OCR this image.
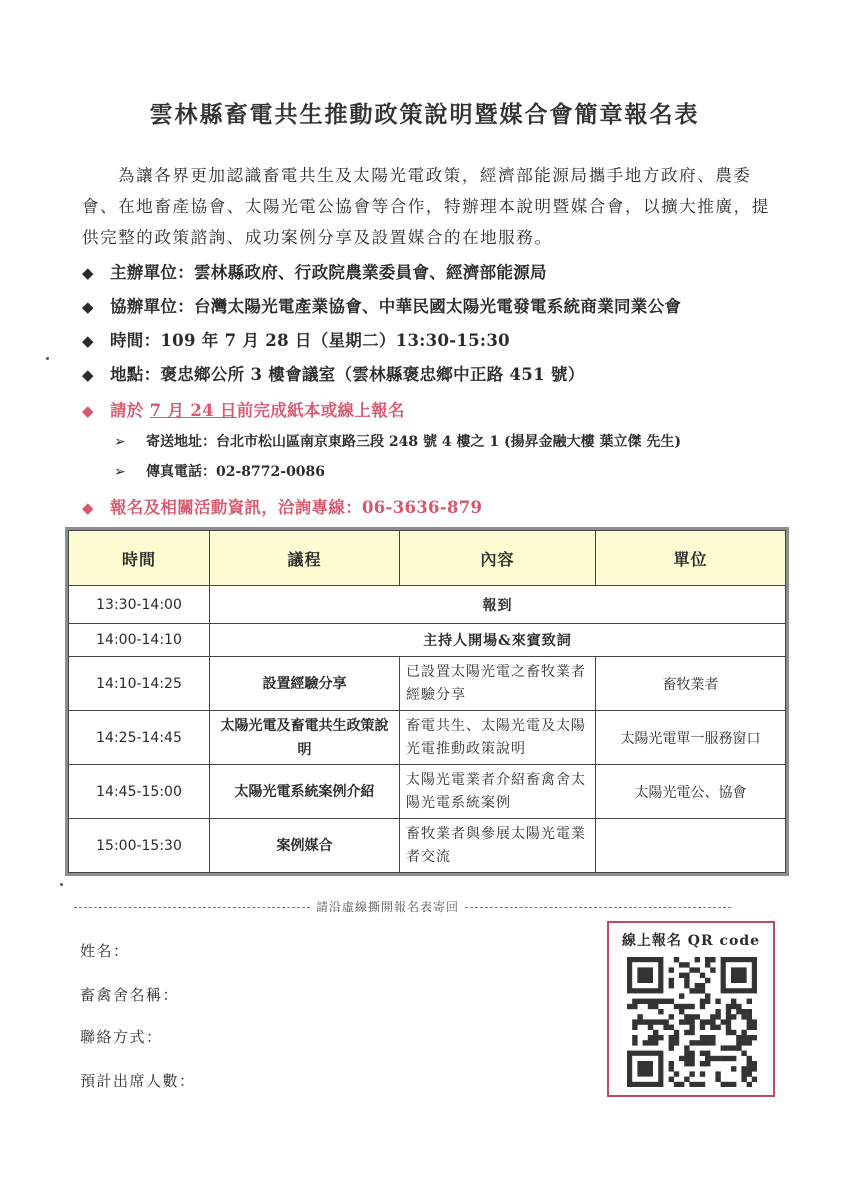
雲林縣畜電共生推動政策說明暨媒合會簡章報名表
為讓各界更加認識畜電共生及太陽光電政策，經濟部能源局攜手地方政府、農委會、在地畜產協會、太陽光電公協會等合作，特辦理本說明暨媒合會，以擴大推廣，提供完整的政策諮詢、成功案例分享及設置媒合的在地服務。
◆ 主辦單位：雲林縣政府、行政院農業委員會、經濟部能源局
◆ 協辦單位：台灣太陽光電產業協會、中華民國太陽光電發電系統商業同業公會
◆ 時間：109 年 7 月 28 日（星期二）13:30-15:30
◆ 地點：褒忠鄉公所 3 樓會議室（雲林縣褒忠鄉中正路 451 號）
◆ 請於 7 月 24 日前完成紙本或線上報名
➢ 寄送地址：台北市松山區南京東路三段 248 號 4 樓之 1 (揚昇金融大樓 葉立傑 先生)
➢ 傳真電話：02-8772-0086
◆ 報名及相關活動資訊，洽詢專線：06-3636-879
時間	議程	內容	單位
13:30-14:00	報到		
14:00-14:10	主持人開場&來賓致詞		
14:10-14:25	設置經驗分享	已設置太陽光電之畜牧業者經驗分享	畜牧業者
14:25-14:45	太陽光電及畜電共生政策說明	畜電共生、太陽光電及太陽光電推動政策說明	太陽光電單一服務窗口
14:45-15:00	太陽光電系統案例介紹	太陽光電業者介紹畜禽舍太陽光電系統案例	太陽光電公、協會
15:00-15:30	案例媒合	畜牧業者與參展太陽光電業者交流	
請沿虛線撕開報名表寄回
姓名：
畜禽舍名稱：
聯絡方式：
預計出席人數：
線上報名 QR code
